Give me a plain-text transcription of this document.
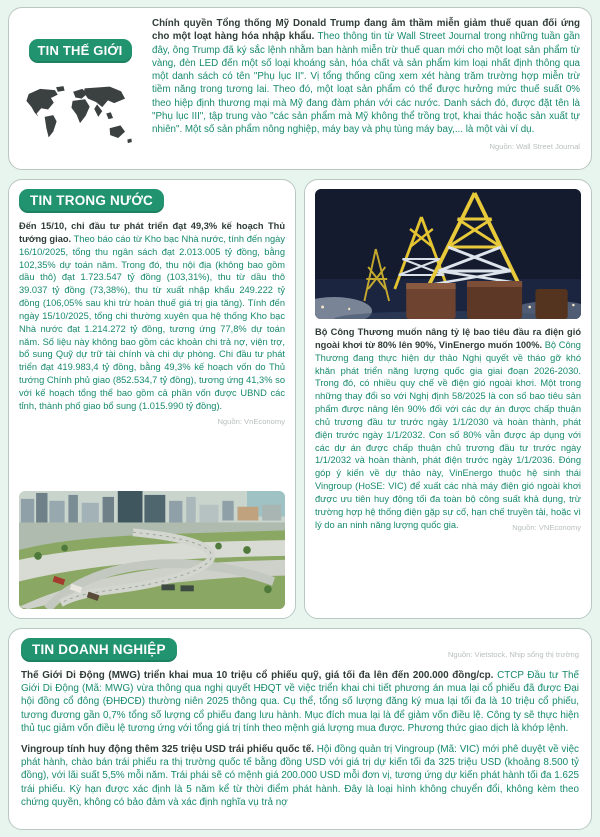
TIN THẾ GIỚI

Chính quyền Tổng thống Mỹ Donald Trump đang âm thầm miễn giảm thuế quan đối ứng cho một loạt hàng hóa nhập khẩu. Theo thông tin từ Wall Street Journal trong những tuần gần đây, ông Trump đã ký sắc lệnh nhằm ban hành miễn trừ thuế quan mới cho một loạt sản phẩm từ vàng, đèn LED đến một số loại khoáng sản, hóa chất và sản phẩm kim loại nhất định thông qua một danh sách có tên "Phụ lục II". Vị tổng thống cũng xem xét hàng trăm trường hợp miễn trừ tiềm năng trong tương lai. Theo đó, một loạt sản phẩm có thể được hưởng mức thuế suất 0% theo hiệp định thương mại mà Mỹ đang đàm phán với các nước. Danh sách đó, được đặt tên là "Phụ lục III", tập trung vào "các sản phẩm mà Mỹ không thể trồng trọt, khai thác hoặc sản xuất tự nhiên". Một số sản phẩm nông nghiệp, máy bay và phụ tùng máy bay,... là một vài ví dụ.
Nguồn: Wall Street Journal

TIN TRONG NƯỚC

Đến 15/10, chi đầu tư phát triển đạt 49,3% kế hoạch Thủ tướng giao. Theo báo cáo từ Kho bạc Nhà nước, tính đến ngày 16/10/2025, tổng thu ngân sách đạt 2.013.005 tỷ đồng, bằng 102,35% dự toán năm. Trong đó, thu nội địa (không bao gồm dầu thô) đạt 1.723.547 tỷ đồng (103,31%), thu từ dầu thô 39.037 tỷ đồng (73,38%), thu từ xuất nhập khẩu 249.222 tỷ đồng (106,05% sau khi trừ hoàn thuế giá trị gia tăng). Tính đến ngày 15/10/2025, tổng chi thường xuyên qua hệ thống Kho bạc Nhà nước đạt 1.214.272 tỷ đồng, tương ứng 77,8% dự toán năm. Số liệu này không bao gồm các khoản chi trả nợ, viện trợ, bổ sung Quỹ dự trữ tài chính và chi dự phòng. Chi đầu tư phát triển đạt 419.983,4 tỷ đồng, bằng 49,3% kế hoạch vốn do Thủ tướng Chính phủ giao (852.534,7 tỷ đồng), tương ứng 41,3% so với kế hoạch tổng thể bao gồm cả phần vốn được UBND các tỉnh, thành phố giao bổ sung (1.015.990 tỷ đồng).
Nguồn: VnEconomy

Bộ Công Thương muốn nâng tỷ lệ bao tiêu đầu ra điện gió ngoài khơi từ 80% lên 90%, VinEnergo muốn 100%. Bộ Công Thương đang thực hiện dự thảo Nghị quyết về tháo gỡ khó khăn phát triển năng lượng quốc gia giai đoạn 2026-2030. Trong đó, có nhiều quy chế về điện gió ngoài khơi. Một trong những thay đổi so với Nghị định 58/2025 là con số bao tiêu sản phẩm được nâng lên 90% đối với các dự án được chấp thuận chủ trương đầu tư trước ngày 1/1/2030 và hoàn thành, phát điện trước ngày 1/1/2032. Con số 80% vẫn được áp dụng với các dự án được chấp thuận chủ trương đầu tư trước ngày 1/1/2032 và hoàn thành, phát điện trước ngày 1/1/2036. Đóng góp ý kiến về dự thảo này, VinEnergo thuộc hệ sinh thái Vingroup (HoSE: VIC) để xuất các nhà máy điện gió ngoài khơi được ưu tiên huy động tối đa toàn bộ công suất khả dụng, trừ trường hợp hệ thống điện gặp sự cố, hạn chế truyền tải, hoặc vì lý do an ninh năng lượng quốc gia.	Nguồn: VNEconomy

TIN DOANH NGHIỆP	Nguồn: Vietstock, Nhịp sống thị trường

Thế Giới Di Động (MWG) triển khai mua 10 triệu cổ phiếu quỹ, giá tối đa lên đến 200.000 đồng/cp. CTCP Đầu tư Thế Giới Di Động (Mã: MWG) vừa thông qua nghị quyết HĐQT về việc triển khai chi tiết phương án mua lại cổ phiếu đã được Đại hội đồng cổ đông (ĐHĐCĐ) thường niên 2025 thông qua. Cụ thể, tổng số lượng đăng ký mua lại tối đa là 10 triệu cổ phiếu, tương đương gần 0,7% tổng số lượng cổ phiếu đang lưu hành. Mục đích mua lại là để giảm vốn điều lệ. Công ty sẽ thực hiện thủ tục giảm vốn điều lệ tương ứng với tổng giá trị tính theo mệnh giá lượng mua được. Phương thức giao dịch là khớp lệnh.

Vingroup tính huy động thêm 325 triệu USD trái phiếu quốc tế. Hội đồng quản trị Vingroup (Mã: VIC) mới phê duyệt về việc phát hành, chào bán trái phiếu ra thị trường quốc tế bằng đồng USD với giá trị dự kiến tối đa 325 triệu USD (khoảng 8.500 tỷ đồng), với lãi suất 5,5% mỗi năm. Trái phái sẽ có mệnh giá 200.000 USD mỗi đơn vị, tương ứng dự kiến phát hành tối đa 1.625 trái phiếu. Kỳ hạn được xác định là 5 năm kể từ thời điểm phát hành. Đây là loại hình không chuyển đổi, không kèm theo chứng quyền, không có bảo đảm và xác định nghĩa vụ trả nợ
